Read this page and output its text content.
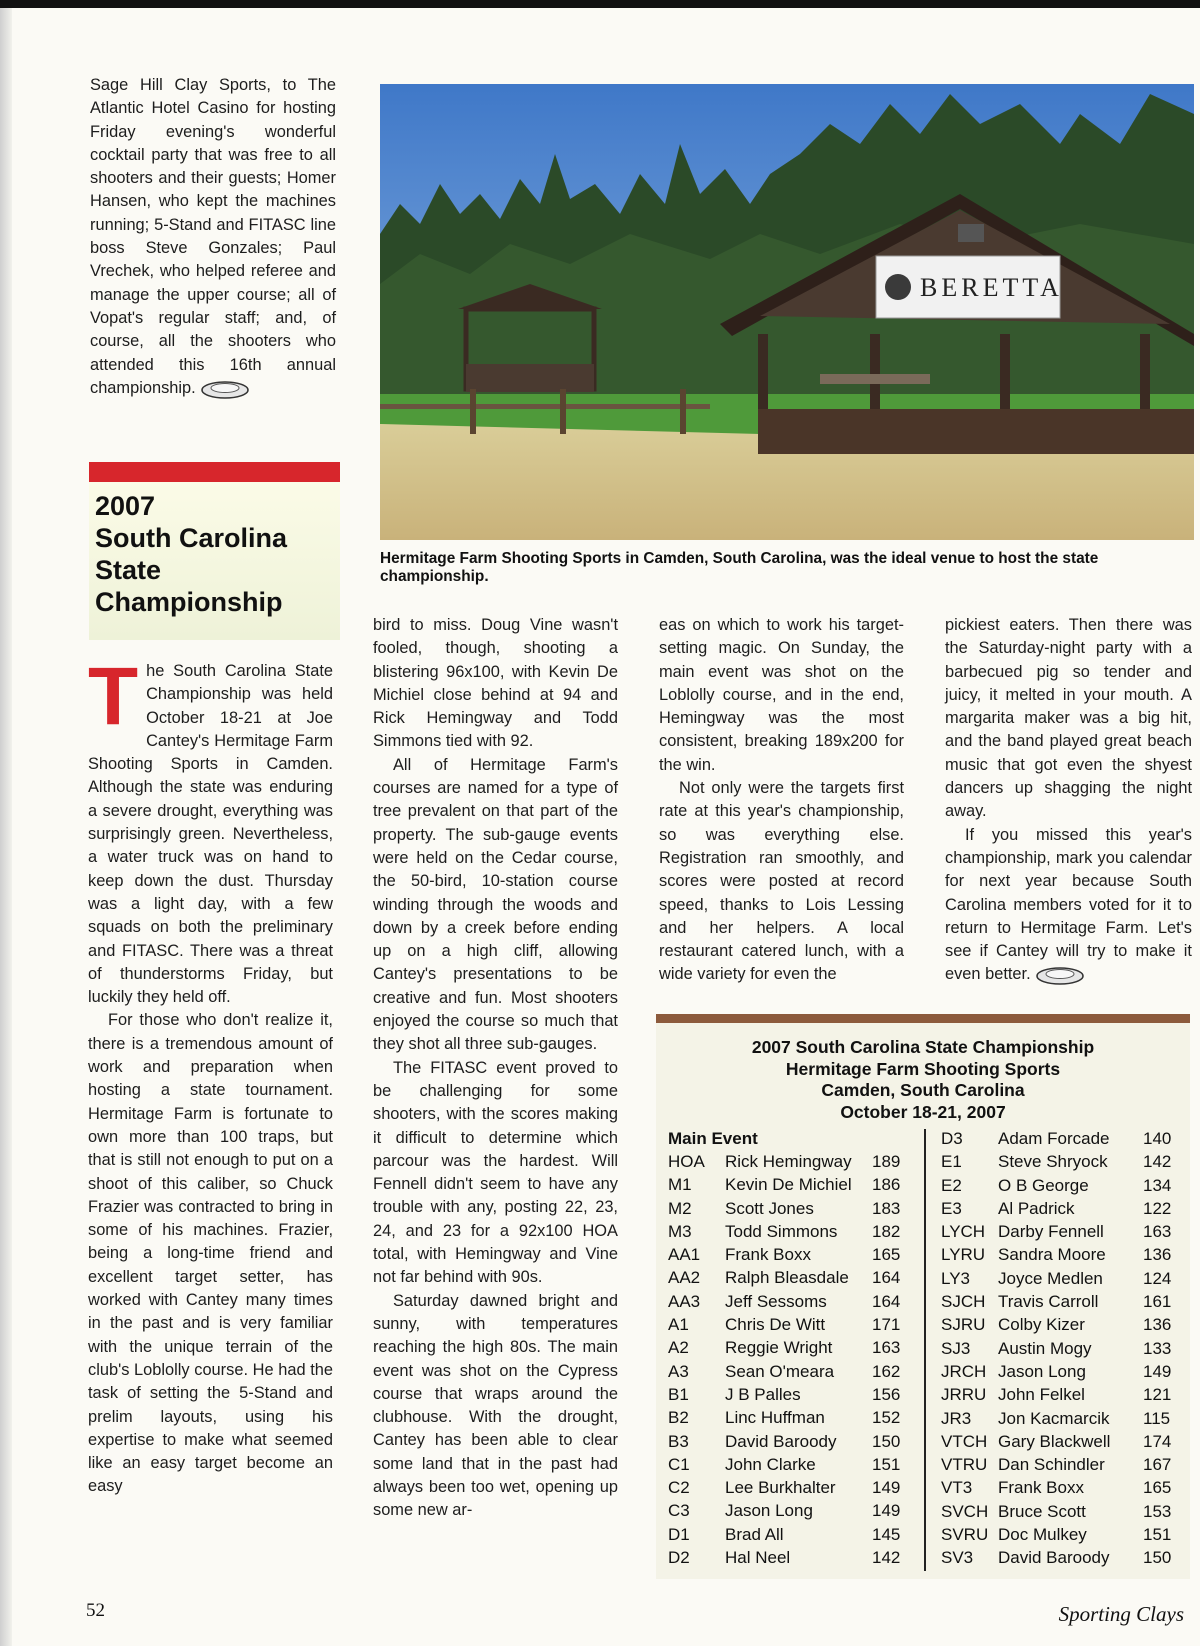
Sage Hill Clay Sports, to The Atlantic Hotel Casino for hosting Friday evening's wonderful cocktail party that was free to all shooters and their guests; Homer Hansen, who kept the machines running; 5-Stand and FITASC line boss Steve Gonzales; Paul Vrechek, who helped referee and manage the upper course; all of Vopat's regular staff; and, of course, all the shooters who attended this 16th annual championship.

2007
South Carolina
State
Championship

The South Carolina State Championship was held October 18-21 at Joe Cantey's Hermitage Farm Shooting Sports in Camden. Although the state was enduring a severe drought, everything was surprisingly green. Nevertheless, a water truck was on hand to keep down the dust. Thursday was a light day, with a few squads on both the preliminary and FITASC. There was a threat of thunderstorms Friday, but luckily they held off.

For those who don't realize it, there is a tremendous amount of work and preparation when hosting a state tournament. Hermitage Farm is fortunate to own more than 100 traps, but that is still not enough to put on a shoot of this caliber, so Chuck Frazier was contracted to bring in some of his machines. Frazier, being a long-time friend and excellent target setter, has worked with Cantey many times in the past and is very familiar with the unique terrain of the club's Loblolly course. He had the task of setting the 5-Stand and prelim layouts, using his expertise to make what seemed like an easy target become an easy

bird to miss. Doug Vine wasn't fooled, though, shooting a blistering 96x100, with Kevin De Michiel close behind at 94 and Rick Hemingway and Todd Simmons tied with 92.

All of Hermitage Farm's courses are named for a type of tree prevalent on that part of the property. The sub-gauge events were held on the Cedar course, the 50-bird, 10-station course winding through the woods and down by a creek before ending up on a high cliff, allowing Cantey's presentations to be creative and fun. Most shooters enjoyed the course so much that they shot all three sub-gauges.

The FITASC event proved to be challenging for some shooters, with the scores making it difficult to determine which parcour was the hardest. Will Fennell didn't seem to have any trouble with any, posting 22, 23, 24, and 23 for a 92x100 HOA total, with Hemingway and Vine not far behind with 90s.

Saturday dawned bright and sunny, with temperatures reaching the high 80s. The main event was shot on the Cypress course that wraps around the clubhouse. With the drought, Cantey has been able to clear some land that in the past had always been too wet, opening up some new ar-

eas on which to work his target-setting magic. On Sunday, the main event was shot on the Loblolly course, and in the end, Hemingway was the most consistent, breaking 189x200 for the win.

Not only were the targets first rate at this year's championship, so was everything else. Registration ran smoothly, and scores were posted at record speed, thanks to Lois Lessing and her helpers. A local restaurant catered lunch, with a wide variety for even the

pickiest eaters. Then there was the Saturday-night party with a barbecued pig so tender and juicy, it melted in your mouth. A margarita maker was a big hit, and the band played great beach music that got even the shyest dancers up shagging the night away.

If you missed this year's championship, mark you calendar for next year because South Carolina members voted for it to return to Hermitage Farm. Let's see if Cantey will try to make it even better.

BERETTA
Hermitage Farm Shooting Sports in Camden, South Carolina, was the ideal venue to host the state championship.
2007 South Carolina State Championship
Hermitage Farm Shooting Sports
Camden, South Carolina
October 18-21, 2007
Main Event
HOA Rick Hemingway 189
M1 Kevin De Michiel 186
M2 Scott Jones	183
M3 Todd Simmons 182
AA1 Frank Boxx	165
AA2 Ralph Bleasdale 164
AA3 Jeff Sessoms	164
A1 Chris De Witt	171
A2 Reggie Wright 163
A3 Sean O'meara 162
B1 J B Palles	156
B2 Linc Huffman	152
B3 David Baroody 150
C1 John Clarke	151
C2 Lee Burkhalter 149
C3 Jason Long	149
D1 Brad All	145
D2 Hal Neel	142
D3 Adam Forcade 140
E1 Steve Shryock 142
E2 O B George	134
E3 Al Padrick	122
LYCH Darby Fennell 163
LYRU Sandra Moore 136
LY3 Joyce Medlen 124
SJCH Travis Carroll	161
SJRU Colby Kizer	136
SJ3 Austin Mogy	133
JRCH Jason Long	149
JRRU John Felkel	121
JR3 Jon Kacmarcik 115
VTCH Gary Blackwell 174
VTRU Dan Schindler 167
VT3 Frank Boxx	165
SVCH Bruce Scott	153
SVRU Doc Mulkey	151
SV3 David Baroody 150
52	Sporting Clays
